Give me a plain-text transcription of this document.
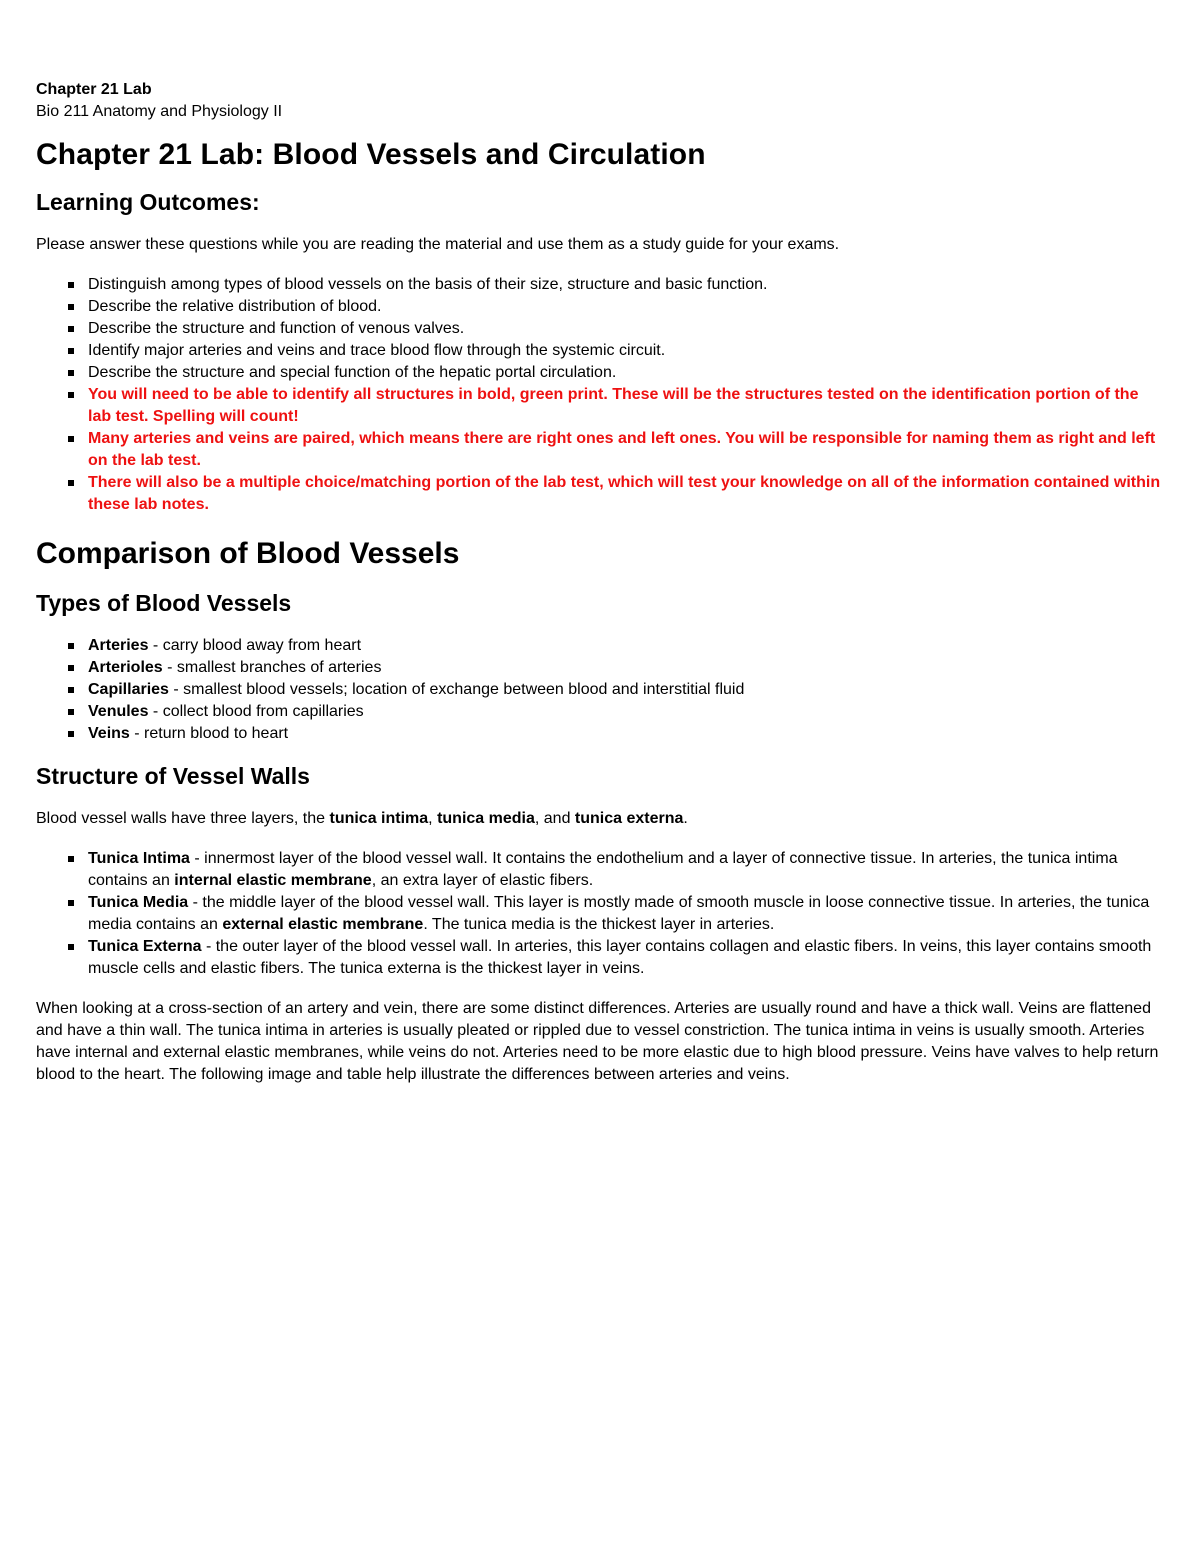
Chapter 21 Lab
Bio 211 Anatomy and Physiology II
Chapter 21 Lab: Blood Vessels and Circulation
Learning Outcomes:

Please answer these questions while you are reading the material and use them as a study guide for your exams.

Distinguish among types of blood vessels on the basis of their size, structure and basic function.
Describe the relative distribution of blood.
Describe the structure and function of venous valves.
Identify major arteries and veins and trace blood flow through the systemic circuit.
Describe the structure and special function of the hepatic portal circulation.
You will need to be able to identify all structures in bold, green print. These will be the structures tested on the identification portion of the lab test. Spelling will count!
Many arteries and veins are paired, which means there are right ones and left ones. You will be responsible for naming them as right and left on the lab test.
There will also be a multiple choice/matching portion of the lab test, which will test your knowledge on all of the information contained within these lab notes.
Comparison of Blood Vessels
Types of Blood Vessels
Arteries - carry blood away from heart
Arterioles - smallest branches of arteries
Capillaries - smallest blood vessels; location of exchange between blood and interstitial fluid
Venules - collect blood from capillaries
Veins - return blood to heart
Structure of Vessel Walls

Blood vessel walls have three layers, the tunica intima, tunica media, and tunica externa.

Tunica Intima - innermost layer of the blood vessel wall. It contains the endothelium and a layer of connective tissue. In arteries, the tunica intima contains an internal elastic membrane, an extra layer of elastic fibers.
Tunica Media - the middle layer of the blood vessel wall. This layer is mostly made of smooth muscle in loose connective tissue. In arteries, the tunica media contains an external elastic membrane. The tunica media is the thickest layer in arteries.
Tunica Externa - the outer layer of the blood vessel wall. In arteries, this layer contains collagen and elastic fibers. In veins, this layer contains smooth muscle cells and elastic fibers. The tunica externa is the thickest layer in veins.

When looking at a cross-section of an artery and vein, there are some distinct differences. Arteries are usually round and have a thick wall. Veins are flattened and have a thin wall. The tunica intima in arteries is usually pleated or rippled due to vessel constriction. The tunica intima in veins is usually smooth. Arteries have internal and external elastic membranes, while veins do not. Arteries need to be more elastic due to high blood pressure. Veins have valves to help return blood to the heart. The following image and table help illustrate the differences between arteries and veins.
